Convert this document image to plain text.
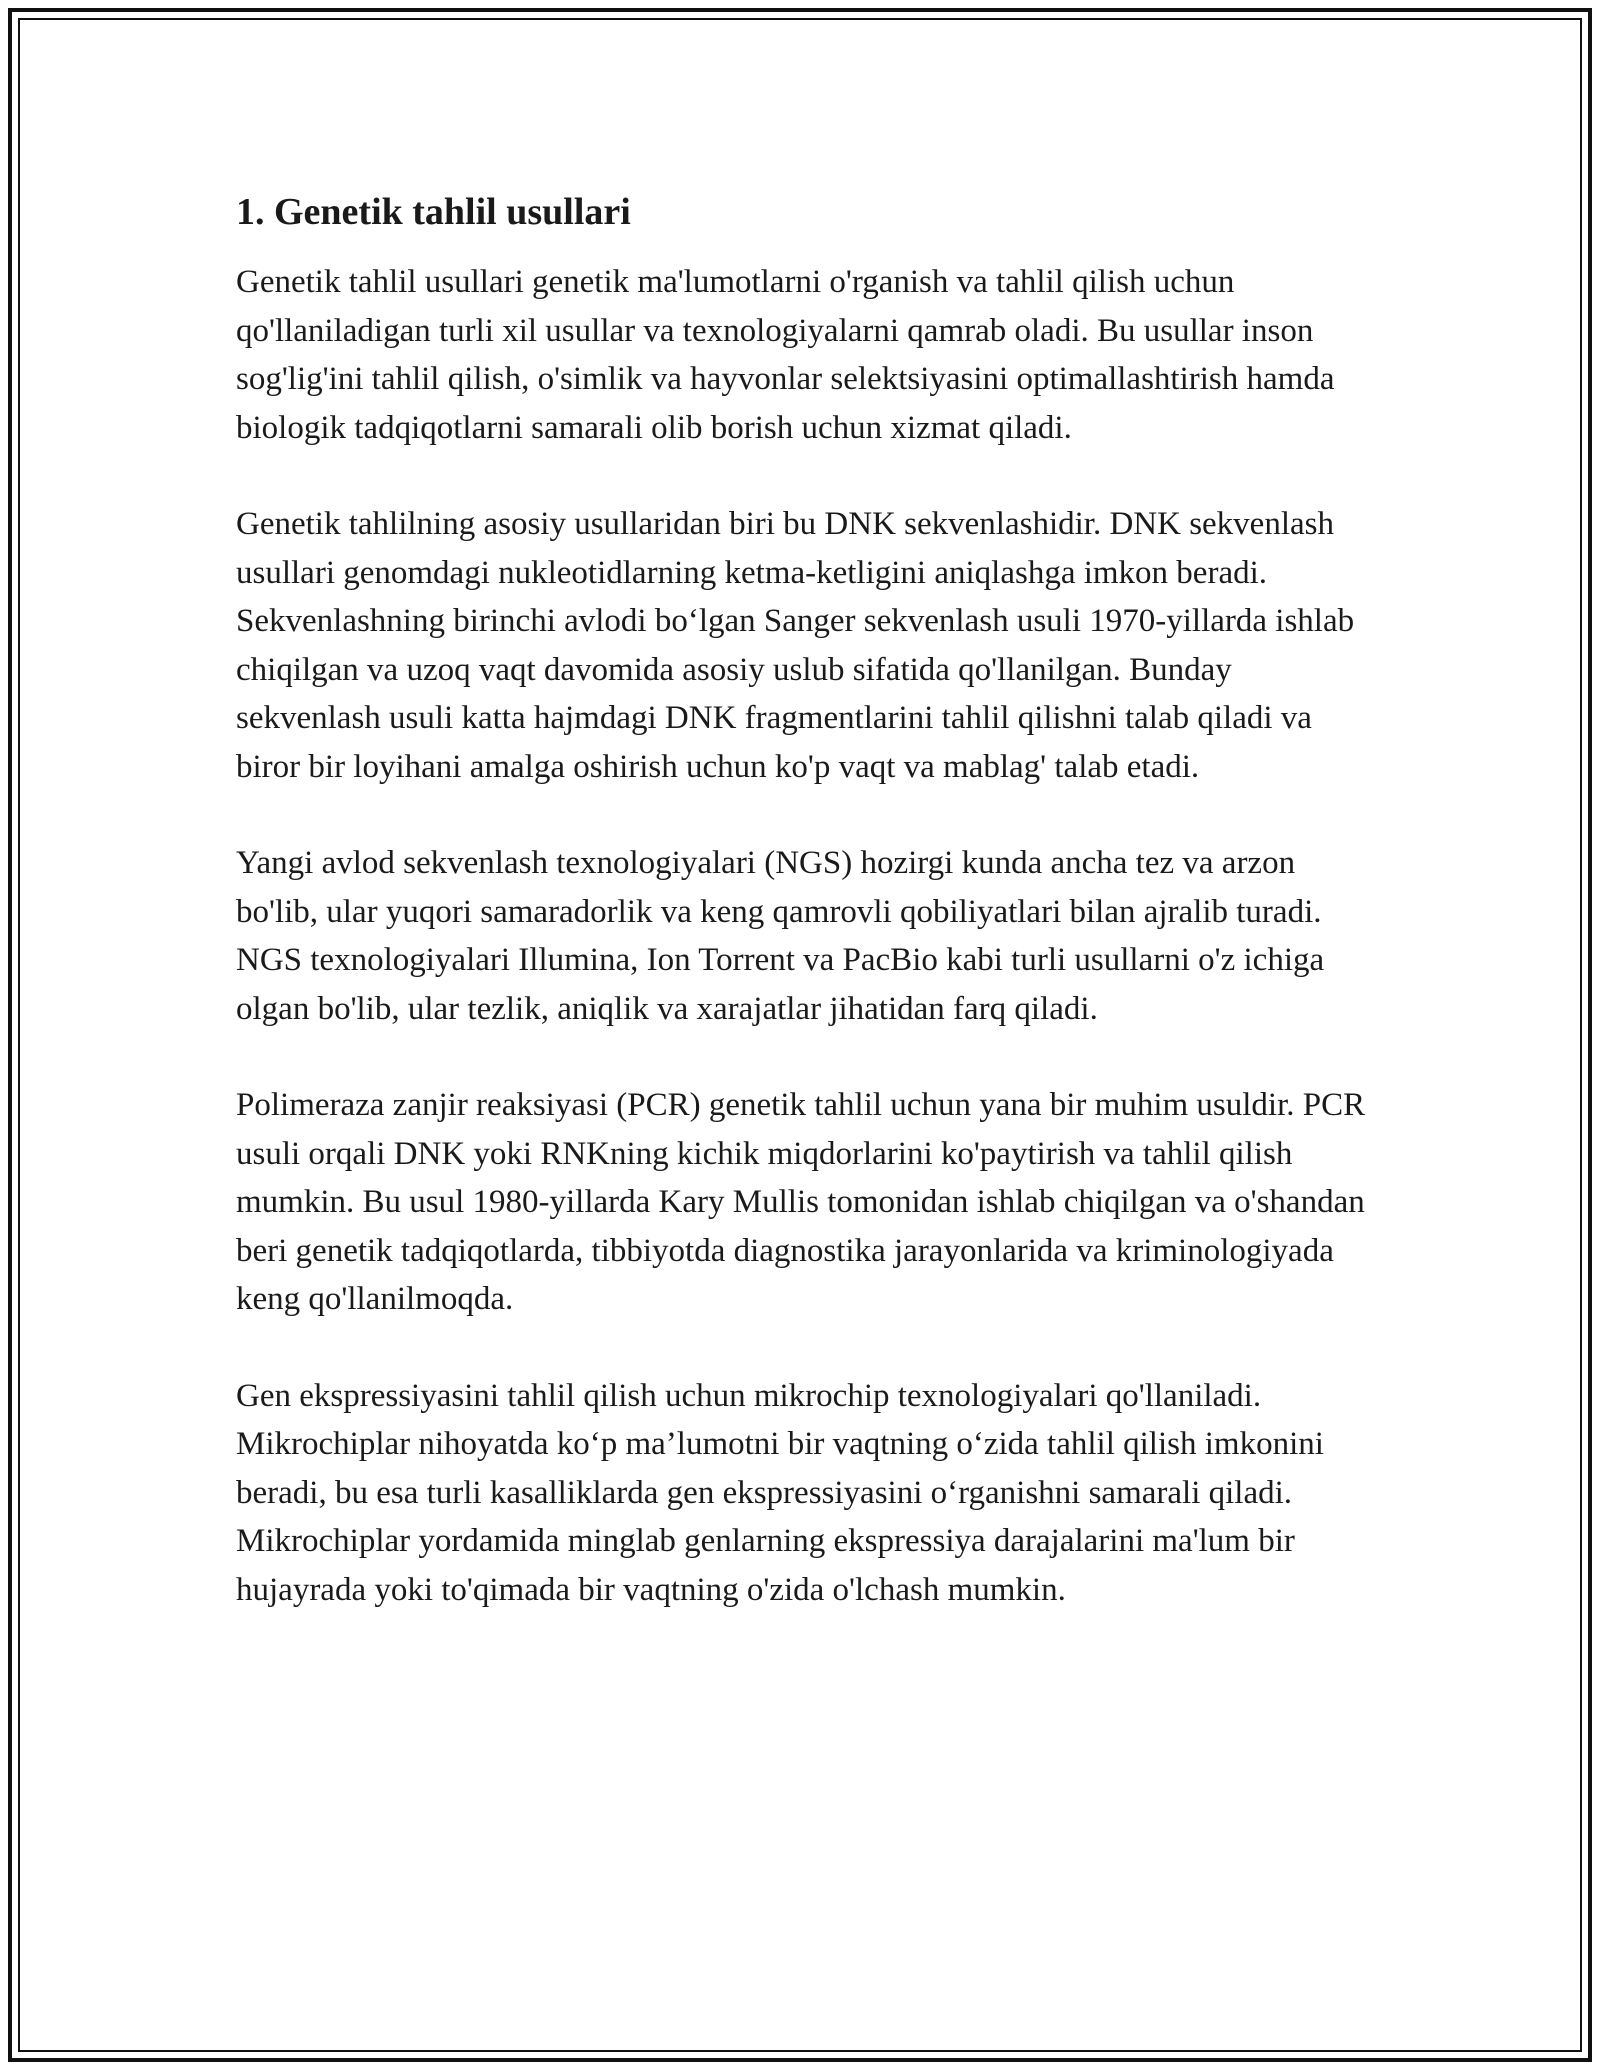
1. Genetik tahlil usullari

Genetik tahlil usullari genetik ma'lumotlarni o'rganish va tahlil qilish uchun qo'llaniladigan turli xil usullar va texnologiyalarni qamrab oladi. Bu usullar inson sog'lig'ini tahlil qilish, o'simlik va hayvonlar selektsiyasini optimallashtirish hamda biologik tadqiqotlarni samarali olib borish uchun xizmat qiladi.

Genetik tahlilning asosiy usullaridan biri bu DNK sekvenlashidir. DNK sekvenlash usullari genomdagi nukleotidlarning ketma-ketligini aniqlashga imkon beradi. Sekvenlashning birinchi avlodi bo‘lgan Sanger sekvenlash usuli 1970-yillarda ishlab chiqilgan va uzoq vaqt davomida asosiy uslub sifatida qo'llanilgan. Bunday sekvenlash usuli katta hajmdagi DNK fragmentlarini tahlil qilishni talab qiladi va biror bir loyihani amalga oshirish uchun ko'p vaqt va mablag' talab etadi.

Yangi avlod sekvenlash texnologiyalari (NGS) hozirgi kunda ancha tez va arzon bo'lib, ular yuqori samaradorlik va keng qamrovli qobiliyatlari bilan ajralib turadi. NGS texnologiyalari Illumina, Ion Torrent va PacBio kabi turli usullarni o'z ichiga olgan bo'lib, ular tezlik, aniqlik va xarajatlar jihatidan farq qiladi.

Polimeraza zanjir reaksiyasi (PCR) genetik tahlil uchun yana bir muhim usuldir. PCR usuli orqali DNK yoki RNKning kichik miqdorlarini ko'paytirish va tahlil qilish mumkin. Bu usul 1980-yillarda Kary Mullis tomonidan ishlab chiqilgan va o'shandan beri genetik tadqiqotlarda, tibbiyotda diagnostika jarayonlarida va kriminologiyada keng qo'llanilmoqda.

Gen ekspressiyasini tahlil qilish uchun mikrochip texnologiyalari qo'llaniladi. Mikrochiplar nihoyatda ko‘p ma’lumotni bir vaqtning o‘zida tahlil qilish imkonini beradi, bu esa turli kasalliklarda gen ekspressiyasini o‘rganishni samarali qiladi. Mikrochiplar yordamida minglab genlarning ekspressiya darajalarini ma'lum bir hujayrada yoki to'qimada bir vaqtning o'zida o'lchash mumkin.
